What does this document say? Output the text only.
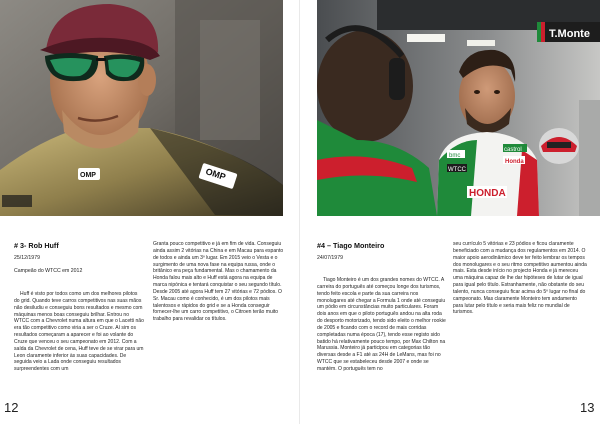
OMP
OMP
# 3- Rob Huff
25/12/1979
Campeão do WTCC em 2012

Huff é visto por todos como um dos melhores pilotos do grid. Quando teve carros competitivos nas suas mãos não desiludiu e conseguiu bons resultados e mesmo com máquinas menos boas conseguiu brilhar. Entrou no WTCC com a Chevrolet numa altura em que o Lacetti não era tão competitivo como viria a ser o Cruze. Aí sim os resultados começaram a aparecer e foi ao volante do Cruze que venceu o seu campeonato em 2012. Com a saída da Chevrolet de cena, Huff teve de se virar para um Leon claramente inferior às suas capacidades. De seguida veio a Lada onde conseguiu resultados surpreendentes com um

Granta pouco competitivo e já em fim de vida. Conseguiu ainda assim 2 vitórias na China e em Macau para espanto de todos e ainda um 3º lugar. Em 2015 veio o Vesta e o surgimento de uma nova fase na equipa russa, onde o britânico era peça fundamental. Mas o chamamento da Honda falou mais alto e Huff está agora na equipa de marca nipónica e tentará conquistar o seu segundo título. Desde 2005 até agora Huff tem 27 vitórias e 72 pódios. O Sr. Macau como é conhecido, é um dos pilotos mais talentosos e rápidos do grid e se a Honda conseguir fornecer-lhe um carro competitivo, o Citroen terão muito trabalho para revalidar os títulos.

12
T.Monte
HONDA
castrol
Honda
bmc
WTCC
#4 – Tiago Monteiro
24/07/1979

Tiago Monteiro é um dos grandes nomes do WTCC. A carreira do português até começou longe dos turismos, tendo feito escola e parte da sua carreira nos monolugares até chegar a Formula 1 onde até conseguiu um pódio em circunstâncias muito particulares. Foram dois anos em que o piloto português andou na alta roda do desporto motorizado, tendo sido eleito o melhor rookie de 2005 e ficando com o record de mais corridas completadas numa época (17), tendo esse registo sido batido há relativamente pouco tempo, por Max Chilton na Marussia. Monteiro já participou em categorias tão diversas desde a F1 até as 24H de LeMans, mas foi no WTCC que se estabeleceu desde 2007 e onde se mantém. O português tem no

seu currículo 5 vitórias e 23 pódios e ficou claramente beneficiado com a mudança dos regulamentos em 2014. O maior apoio aerodinâmico deve ter feito lembrar os tempos dos monolugares e o seu ritmo competitivo aumentou ainda mais. Esta desde início no projecto Honda e já mereceu uma máquina capaz de lhe dar hipóteses de lutar de igual para igual pelo título. Estranhamente, não obstante do seu talento, nunca conseguiu ficar acima do 5º lugar no final do campeonato. Mas claramente Monteiro tem andamento para lutar pelo título e seria mais feliz no mundial de turismos.

13
